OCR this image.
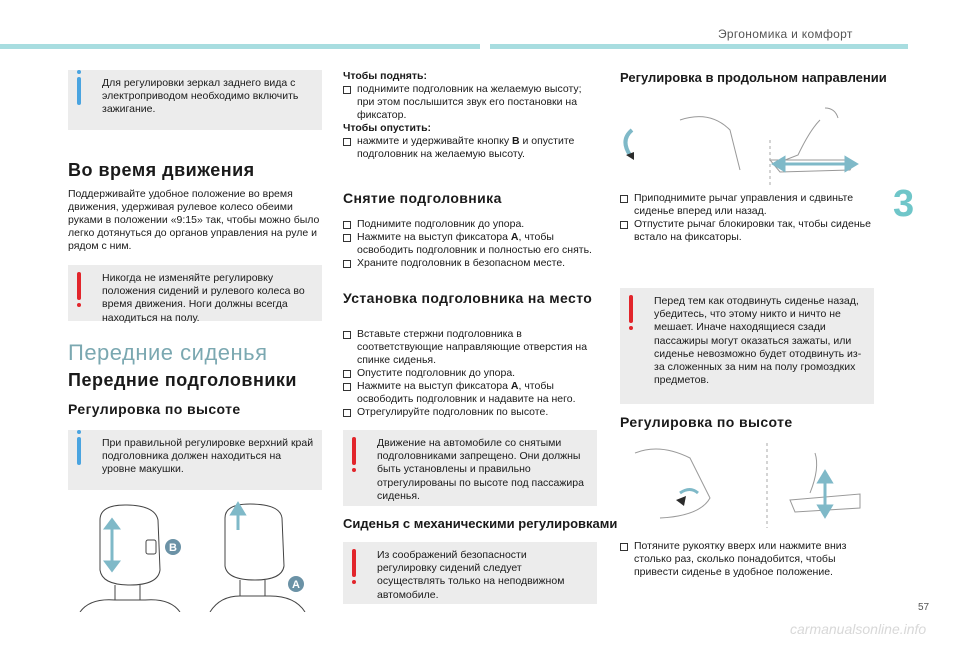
Эргономика и комфорт
3
57
carmanualsonline.info
Для регулировки зеркал заднего вида с электроприводом необходимо включить зажигание.
Во время движения

Поддерживайте удобное положение во время движения, удерживая рулевое колесо обеими руками в положении «9:15» так, чтобы можно было легко дотянуться до органов управления на руле и рядом с ним.

Никогда не изменяйте регулировку положения сидений и рулевого колеса во время движения. Ноги должны всегда находиться на полу.
Передние сиденья
Передние подголовники
Регулировка по высоте
При правильной регулировке верхний край подголовника должен находиться на уровне макушки.
B
A
Чтобы поднять:
поднимите подголовник на желаемую высоту; при этом послышится звук его постановки на фиксатор.
Чтобы опустить:
нажмите и удерживайте кнопку B и опустите подголовник на желаемую высоту.
Снятие подголовника
Поднимите подголовник до упора.
Нажмите на выступ фиксатора A, чтобы освободить подголовник и полностью его снять.
Храните подголовник в безопасном месте.
Установка подголовника на место
Вставьте стержни подголовника в соответствующие направляющие отверстия на спинке сиденья.
Опустите подголовник до упора.
Нажмите на выступ фиксатора A, чтобы освободить подголовник и надавите на него.
Отрегулируйте подголовник по высоте.
Движение на автомобиле со снятыми подголовниками запрещено. Они должны быть установлены и правильно отрегулированы по высоте под пассажира сиденья.
Сиденья с механическими регулировками
Из соображений безопасности регулировку сидений следует осуществлять только на неподвижном автомобиле.
Регулировка в продольном направлении
Приподнимите рычаг управления и сдвиньте сиденье вперед или назад.
Отпустите рычаг блокировки так, чтобы сиденье встало на фиксаторы.
Перед тем как отодвинуть сиденье назад, убедитесь, что этому никто и ничто не мешает. Иначе находящиеся сзади пассажиры могут оказаться зажаты, или сиденье невозможно будет отодвинуть из-за сложенных за ним на полу громоздких предметов.
Регулировка по высоте
Потяните рукоятку вверх или нажмите вниз столько раз, сколько понадобится, чтобы привести сиденье в удобное положение.
